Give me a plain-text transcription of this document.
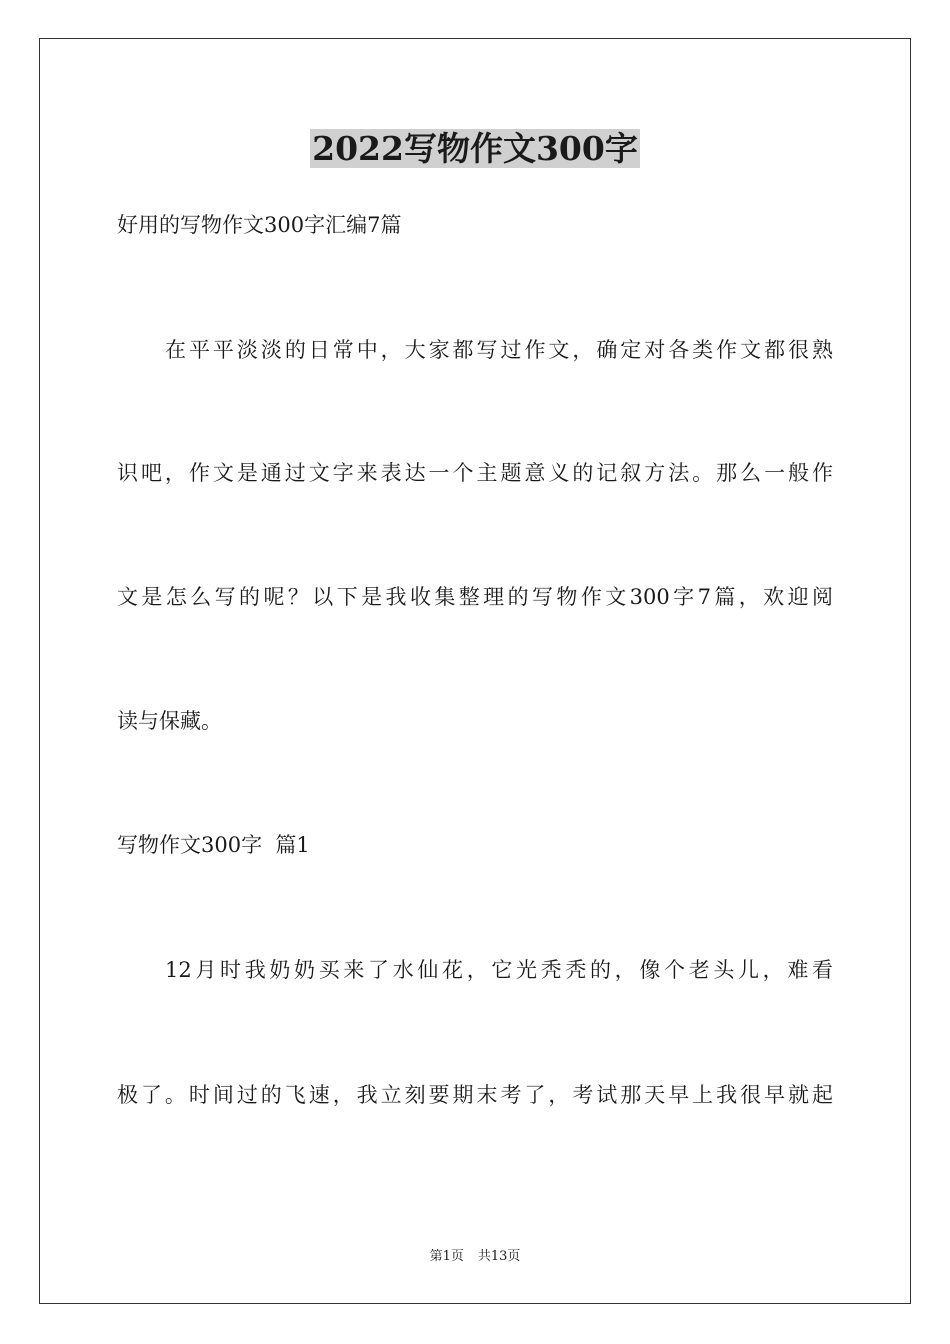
2022写物作文300字
好用的写物作文300字汇编7篇
在平平淡淡的日常中，大家都写过作文，确定对各类作文都很熟
识吧，作文是通过文字来表达一个主题意义的记叙方法。那么一般作
文是怎么写的呢？以下是我收集整理的写物作文300字7篇，欢迎阅
读与保藏。
写物作文300字  篇1
12月时我奶奶买来了水仙花，它光秃秃的，像个老头儿，难看
极了。时间过的飞速，我立刻要期末考了，考试那天早上我很早就起
第1页 共13页
